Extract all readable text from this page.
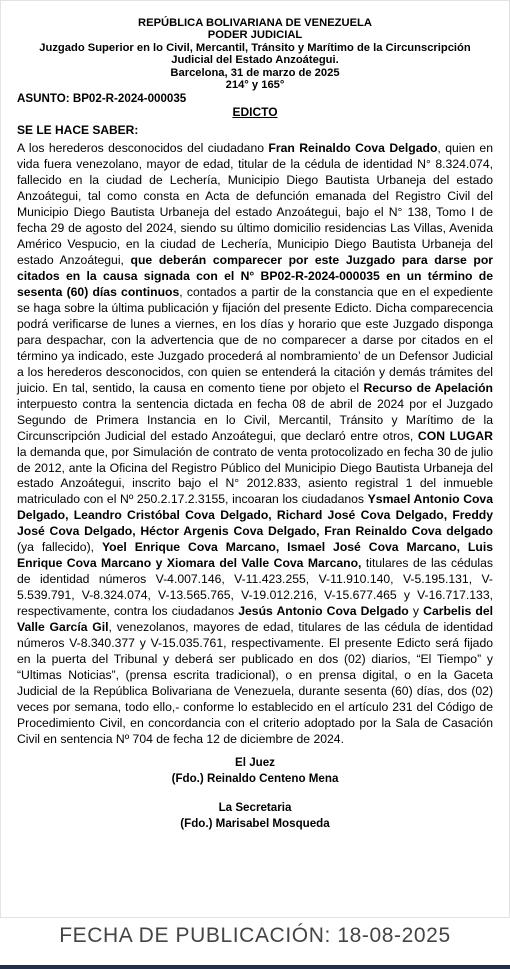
REPÚBLICA BOLIVARIANA DE VENEZUELA
PODER JUDICIAL
Juzgado Superior en lo Civil, Mercantil, Tránsito y Marítimo de la Circunscripción
Judicial del Estado Anzoátegui.
Barcelona, 31 de marzo de 2025
214° y 165°
ASUNTO: BP02-R-2024-000035
EDICTO
SE LE HACE SABER:
A los herederos desconocidos del ciudadano Fran Reinaldo Cova Delgado, quien en vida fuera venezolano, mayor de edad, titular de la cédula de identidad N° 8.324.074, fallecido en la ciudad de Lechería, Municipio Diego Bautista Urbaneja del estado Anzoátegui, tal como consta en Acta de defunción emanada del Registro Civil del Municipio Diego Bautista Urbaneja del estado Anzoátegui, bajo el N° 138, Tomo I de fecha 29 de agosto del 2024, siendo su último domicilio residencias Las Villas, Avenida Américo Vespucio, en la ciudad de Lechería, Municipio Diego Bautista Urbaneja del estado Anzoátegui, que deberán comparecer por este Juzgado para darse por citados en la causa signada con el N° BP02-R-2024-000035 en un término de sesenta (60) días continuos, contados a partir de la constancia que en el expediente se haga sobre la última publicación y fijación del presente Edicto. Dicha comparecencia podrá verificarse de lunes a viernes, en los días y horario que este Juzgado disponga para despachar, con la advertencia que de no comparecer a darse por citados en el término ya indicado, este Juzgado procederá al nombramiento’ de un Defensor Judicial a los herederos desconocidos, con quien se entenderá la citación y demás trámites del juicio. En tal, sentido, la causa en comento tiene por objeto el Recurso de Apelación interpuesto contra la sentencia dictada en fecha 08 de abril de 2024 por el Juzgado Segundo de Primera Instancia en lo Civil, Mercantil, Tránsito y Marítimo de la Circunscripción Judicial del estado Anzoátegui, que declaró entre otros, CON LUGAR la demanda que, por Simulación de contrato de venta protocolizado en fecha 30 de julio de 2012, ante la Oficina del Registro Público del Municipio Diego Bautista Urbaneja del estado Anzoátegui, inscrito bajo el N° 2012.833, asiento registral 1 del inmueble matriculado con el Nº 250.2.17.2.3155, incoaran los ciudadanos Ysmael Antonio Cova Delgado, Leandro Cristóbal Cova Delgado, Richard José Cova Delgado, Freddy José Cova Delgado, Héctor Argenis Cova Delgado, Fran Reinaldo Cova delgado (ya fallecido), Yoel Enrique Cova Marcano, Ismael José Cova Marcano, Luis Enrique Cova Marcano y Xiomara del Valle Cova Marcano, titulares de las cédulas de identidad números V-4.007.146, V-11.423.255, V-11.910.140, V-5.195.131, V-5.539.791, V-8.324.074, V-13.565.765, V-19.012.216, V-15.677.465 y V-16.717.133, respectivamente, contra los ciudadanos Jesús Antonio Cova Delgado y Carbelis del Valle García Gil, venezolanos, mayores de edad, titulares de las cédula de identidad números V-8.340.377 y V-15.035.761, respectivamente. El presente Edicto será fijado en la puerta del Tribunal y deberá ser publicado en dos (02) diarios, “El Tiempo” y “Ultimas Noticias”, (prensa escrita tradicional), o en prensa digital, o en la Gaceta Judicial de la República Bolivariana de Venezuela, durante sesenta (60) días, dos (02) veces por semana, todo ello,- conforme lo establecido en el artículo 231 del Código de Procedimiento Civil, en concordancia con el criterio adoptado por la Sala de Casación Civil en sentencia Nº 704 de fecha 12 de diciembre de 2024.
El Juez
(Fdo.) Reinaldo Centeno Mena
La Secretaria
(Fdo.) Marisabel Mosqueda
FECHA DE PUBLICACIÓN: 18-08-2025
